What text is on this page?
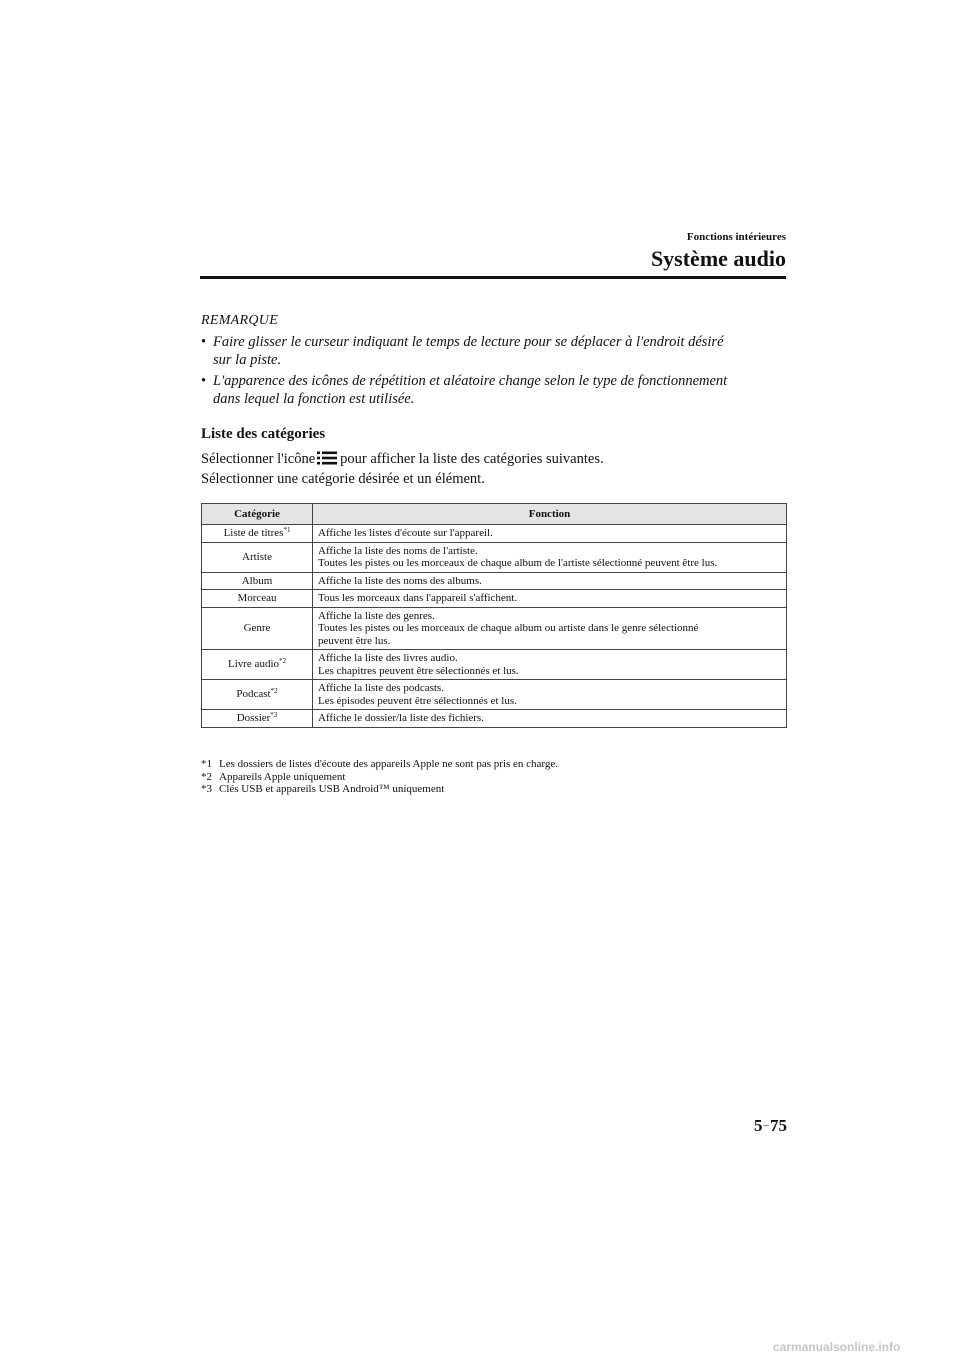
Fonctions intérieures
Système audio
REMARQUE
• Faire glisser le curseur indiquant le temps de lecture pour se déplacer à l'endroit désiré
sur la piste.
• L'apparence des icônes de répétition et aléatoire change selon le type de fonctionnement
dans lequel la fonction est utilisée.
Liste des catégories
Sélectionner l'icône pour afficher la liste des catégories suivantes.
Sélectionner une catégorie désirée et un élément.
Catégorie	Fonction
Liste de titres$^{*1}$	Affiche les listes d'écoute sur l'appareil.

Artiste	Affiche la liste des noms de l'artiste.
Toutes les pistes ou les morceaux de chaque album de l'artiste sélectionné peuvent être lus.

Album	Affiche la liste des noms des albums.

Morceau	Tous les morceaux dans l'appareil s'affichent.

Genre	Affiche la liste des genres.
Toutes les pistes ou les morceaux de chaque album ou artiste dans le genre sélectionné
peuvent être lus.

Livre audio$^{*2}$	Affiche la liste des livres audio.
Les chapitres peuvent être sélectionnés et lus.

Podcast$^{*2}$	Affiche la liste des podcasts.
Les épisodes peuvent être sélectionnés et lus.

Dossier$^{*3}$	Affiche le dossier/la liste des fichiers.
*1 Les dossiers de listes d'écoute des appareils Apple ne sont pas pris en charge.
*2 Appareils Apple uniquement
*3 Clés USB et appareils USB Android™ uniquement
5–75
carmanualsonline.info
